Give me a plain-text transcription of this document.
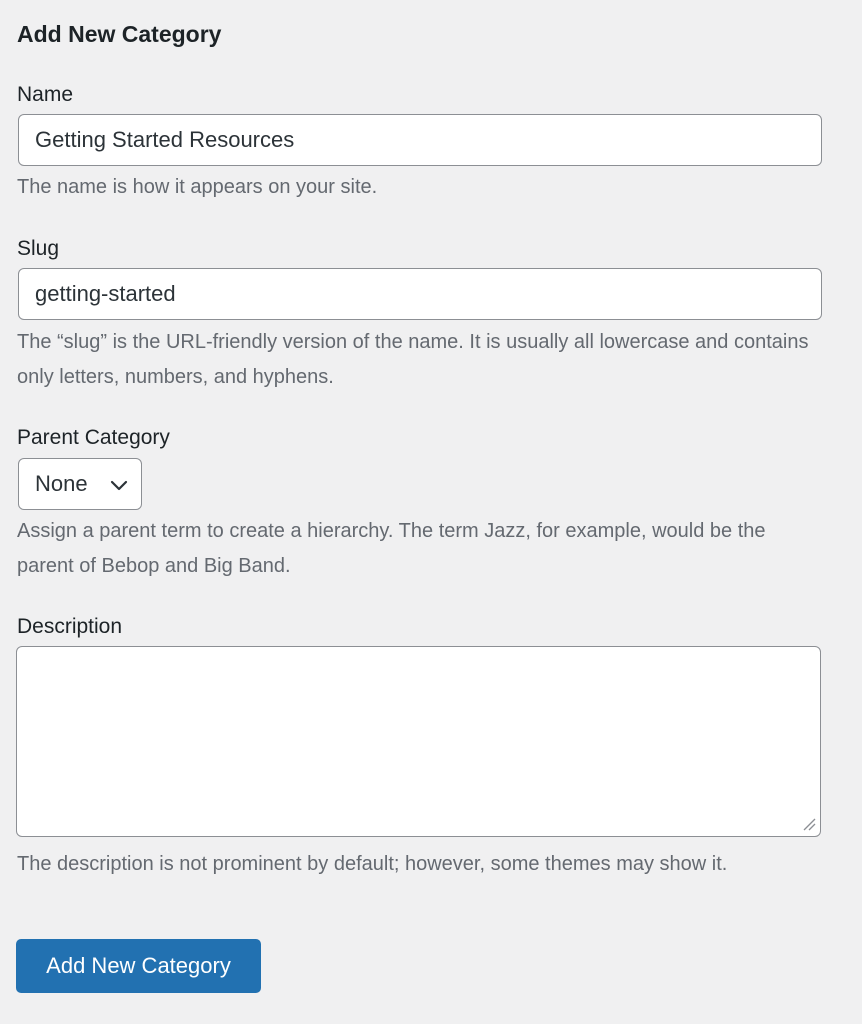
Add New Category
Name
Getting Started Resources

The name is how it appears on your site.

Slug
getting-started

The “slug” is the URL-friendly version of the name. It is usually all lowercase and contains only letters, numbers, and hyphens.

Parent Category
None

Assign a parent term to create a hierarchy. The term Jazz, for example, would be the parent of Bebop and Big Band.

Description

The description is not prominent by default; however, some themes may show it.

Add New Category
